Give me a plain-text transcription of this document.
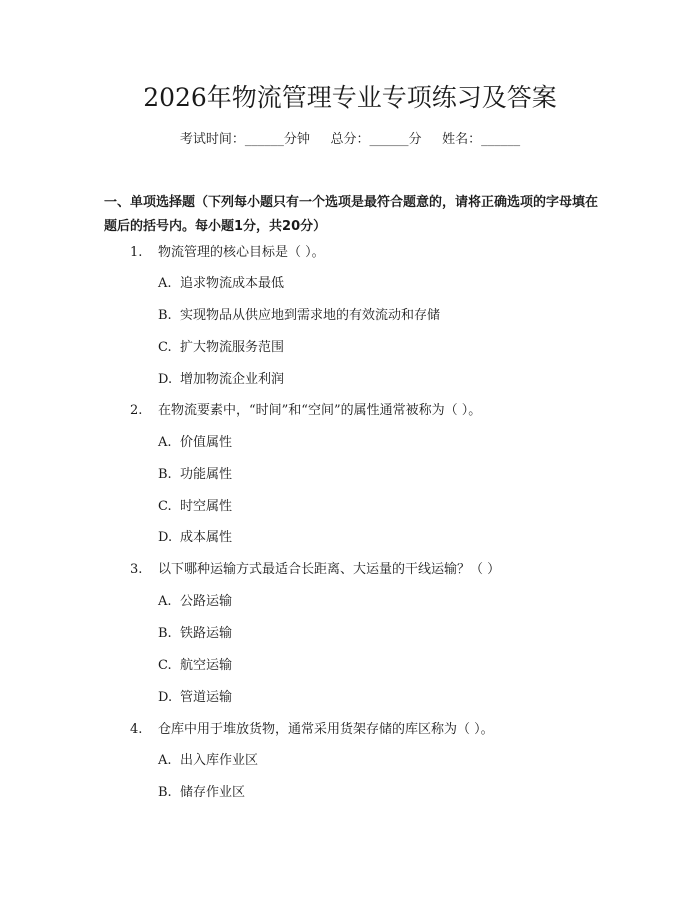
2026年物流管理专业专项练习及答案
考试时间：______分钟     总分：______分     姓名：______
一、单项选择题（下列每小题只有一个选项是最符合题意的，请将正确选项的字母填在题后的括号内。每小题1分，共20分）
1. 物流管理的核心目标是（ ）。
A. 追求物流成本最低
B. 实现物品从供应地到需求地的有效流动和存储
C. 扩大物流服务范围
D. 增加物流企业利润
2. 在物流要素中，“时间”和“空间”的属性通常被称为（ ）。
A. 价值属性
B. 功能属性
C. 时空属性
D. 成本属性
3. 以下哪种运输方式最适合长距离、大运量的干线运输？（ ）
A. 公路运输
B. 铁路运输
C. 航空运输
D. 管道运输
4. 仓库中用于堆放货物，通常采用货架存储的库区称为（ ）。
A. 出入库作业区
B. 储存作业区
